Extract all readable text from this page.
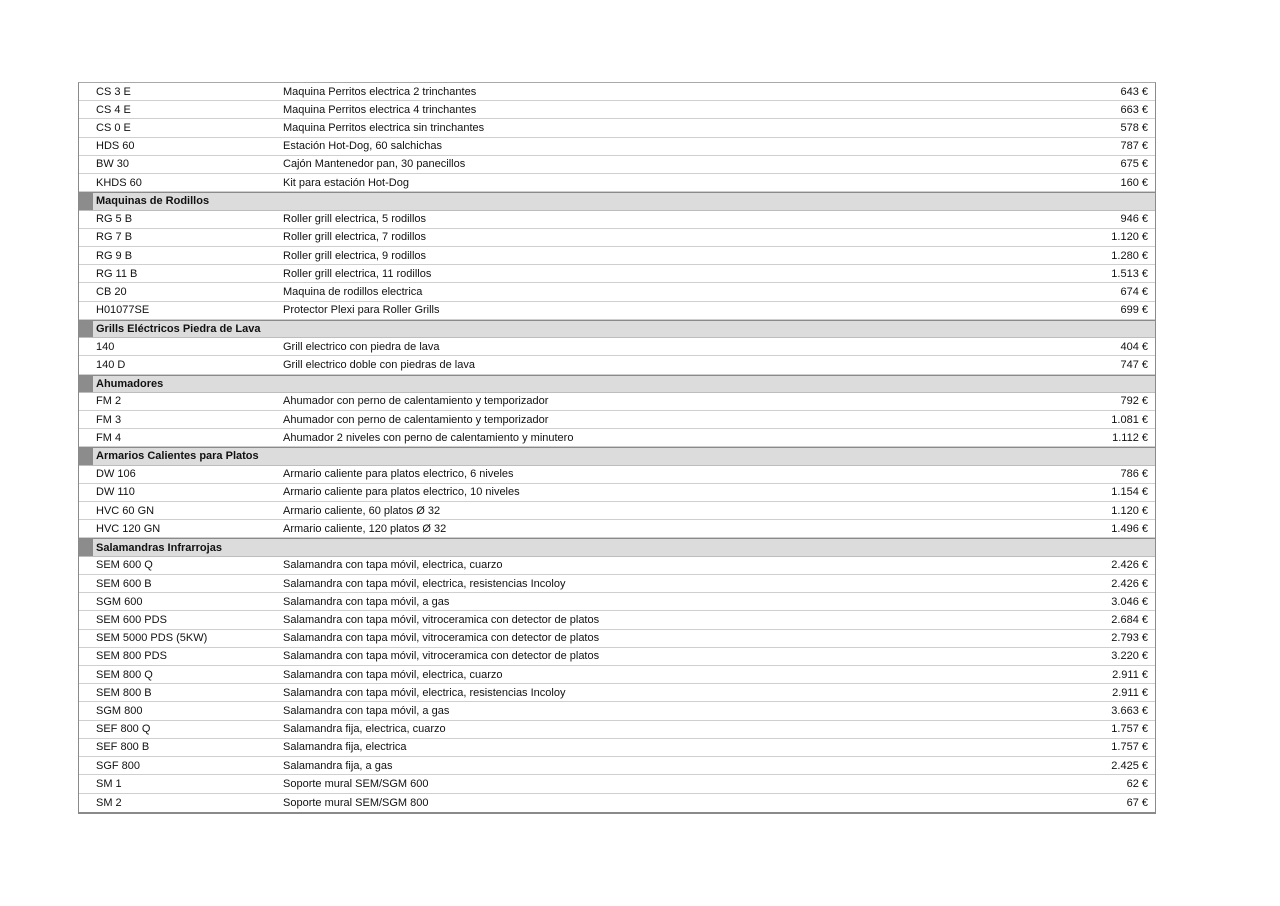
CS 3 E	Maquina Perritos electrica 2 trinchantes	643 €
CS 4 E	Maquina Perritos electrica 4 trinchantes	663 €
CS 0 E	Maquina Perritos electrica sin trinchantes	578 €
HDS 60	Estación Hot-Dog, 60 salchichas	787 €
BW 30	Cajón Mantenedor pan, 30 panecillos	675 €
KHDS 60	Kit para estación Hot-Dog	160 €
Maquinas de Rodillos
RG 5 B	Roller grill electrica, 5 rodillos	946 €
RG 7 B	Roller grill electrica, 7 rodillos	1.120 €
RG 9 B	Roller grill electrica, 9 rodillos	1.280 €
RG 11 B	Roller grill electrica, 11 rodillos	1.513 €
CB 20	Maquina de rodillos electrica	674 €
H01077SE	Protector Plexi para Roller Grills	699 €
Grills Eléctricos Piedra de Lava
140	Grill electrico con piedra de lava	404 €
140 D	Grill electrico doble con piedras de lava	747 €
Ahumadores
FM 2	Ahumador con perno de calentamiento y temporizador	792 €
FM 3	Ahumador con perno de calentamiento y temporizador	1.081 €
FM 4	Ahumador 2 niveles con perno de calentamiento y minutero	1.112 €
Armarios Calientes para Platos
DW 106	Armario caliente para platos electrico, 6 niveles	786 €
DW 110	Armario caliente para platos electrico, 10 niveles	1.154 €
HVC 60 GN	Armario caliente, 60 platos Ø 32	1.120 €
HVC 120 GN	Armario caliente, 120 platos Ø 32	1.496 €
Salamandras Infrarrojas
SEM 600 Q	Salamandra con tapa móvil, electrica, cuarzo	2.426 €
SEM 600 B	Salamandra con tapa móvil, electrica, resistencias Incoloy	2.426 €
SGM 600	Salamandra con tapa móvil, a gas	3.046 €
SEM 600 PDS	Salamandra con tapa móvil, vitroceramica con detector de platos	2.684 €
SEM 5000 PDS (5KW)	Salamandra con tapa móvil, vitroceramica con detector de platos	2.793 €
SEM 800 PDS	Salamandra con tapa móvil, vitroceramica con detector de platos	3.220 €
SEM 800 Q	Salamandra con tapa móvil, electrica, cuarzo	2.911 €
SEM 800 B	Salamandra con tapa móvil, electrica, resistencias Incoloy	2.911 €
SGM 800	Salamandra con tapa móvil, a gas	3.663 €
SEF 800 Q	Salamandra fija, electrica, cuarzo	1.757 €
SEF 800 B	Salamandra fija, electrica	1.757 €
SGF 800	Salamandra fija, a gas	2.425 €
SM 1	Soporte mural SEM/SGM 600	62 €
SM 2	Soporte mural SEM/SGM 800	67 €
